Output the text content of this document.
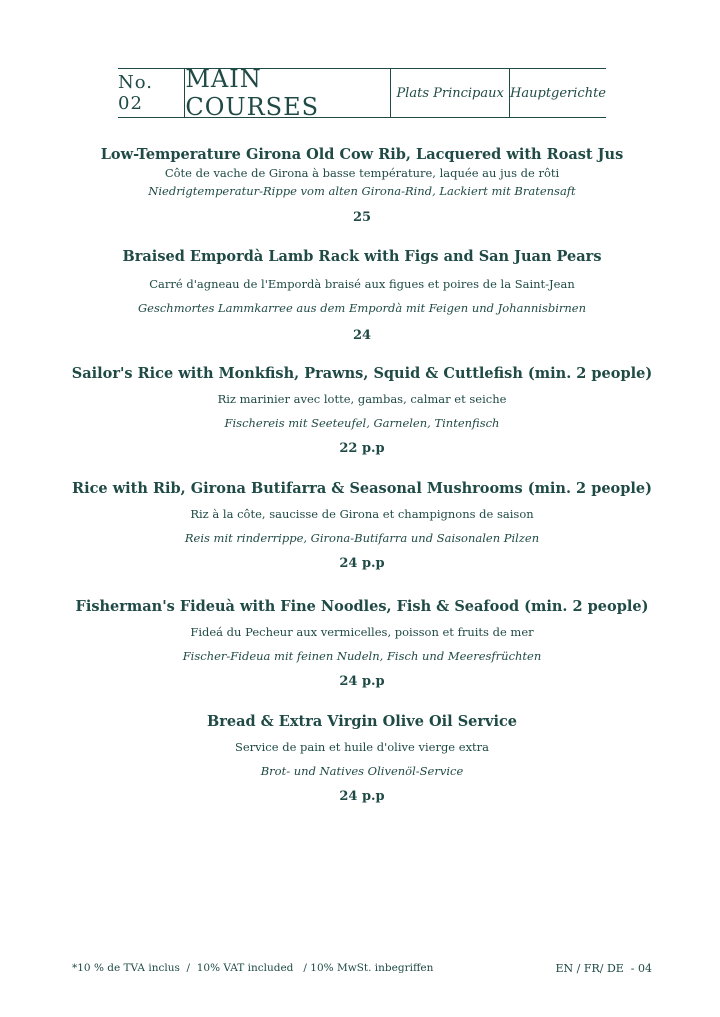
No. 02
MAIN COURSES	Plats Principaux Hauptgerichte

Low-Temperature Girona Old Cow Rib, Lacquered with Roast Jus

Côte de vache de Girona à basse température, laquée au jus de rôti

Niedrigtemperatur-Rippe vom alten Girona-Rind, Lackiert mit Bratensaft

25

Braised Empordà Lamb Rack with Figs and San Juan Pears

Carré d'agneau de l'Empordà braisé aux figues et poires de la Saint-Jean

Geschmortes Lammkarree aus dem Empordà mit Feigen und Johannisbirnen

24

Sailor's Rice with Monkfish, Prawns, Squid & Cuttlefish (min. 2 people)

Riz marinier avec lotte, gambas, calmar et seiche

Fischereis mit Seeteufel, Garnelen, Tintenfisch

22 p.p

Rice with Rib, Girona Butifarra & Seasonal Mushrooms (min. 2 people)

Riz à la côte, saucisse de Girona et champignons de saison

Reis mit rinderrippe, Girona-Butifarra und Saisonalen Pilzen

24 p.p

Fisherman's Fideuà with Fine Noodles, Fish & Seafood (min. 2 people)

Fideá du Pecheur aux vermicelles, poisson et fruits de mer

Fischer-Fideua mit feinen Nudeln, Fisch und Meeresfrüchten

24 p.p

Bread & Extra Virgin Olive Oil Service

Service de pain et huile d'olive vierge extra

Brot- und Natives Olivenöl-Service

24 p.p

*10 % de TVA inclus  /  10% VAT included   / 10% MwSt. inbegriffen	EN / FR/ DE  - 04
